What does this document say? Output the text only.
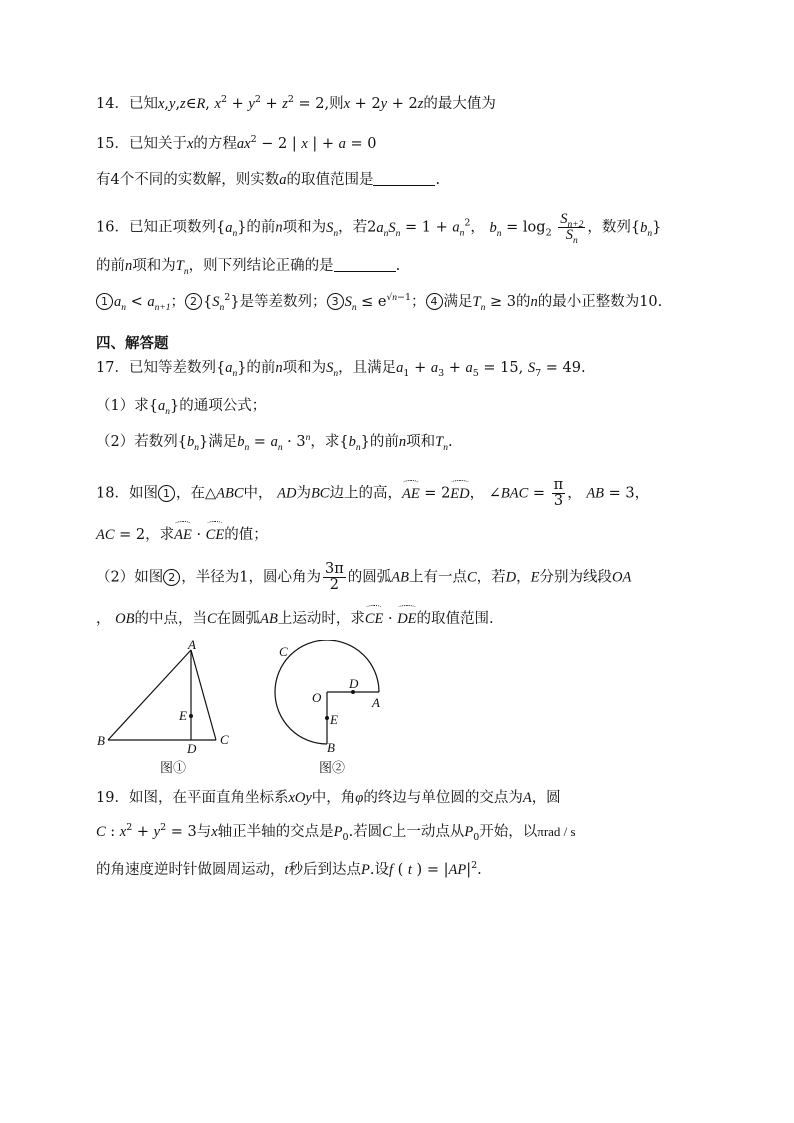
14．已知x,y,z∈R, $x^2 + y^2 + z^2 = 2$,则x + 2y + 2z的最大值为
15．已知关于x的方程$ax^2 - 2$ | x | + a = 0
有4个不同的实数解，则实数a的取值范围是	.
16．已知正项数列$\{a_n\}$的前n项和为$S_n$，若$2a_nS_n = 1 + a_n^2$， $b_n = \log_2 \frac{S_{n+2}}{S_n}$ ，数列$\{b_n\}$
的前n项和为$T_n$，则下列结论正确的是	.
1 $a_n < a_{n+1}$； 2 $\{S_n^2\}$是等差数列； 3 $S_n \le e^{√n-1}$； 4 满足$T_n \ge 3$的n的最小正整数为10.
四、解答题
17．已知等差数列$\{a_n\}$的前n项和为$S_n$，且满足$a_1 + a_3 + a_5 = 15$, $S_7 = 49$.
（1）求$\{a_n\}$的通项公式；
（2）若数列$\{b_n\}$满足$b_n = a_n \cdot 3^n$，求$\{b_n\}$的前n项和$T_n$.
18．如图 1 ，在△ABC中， AD为BC边上的高，AE = 2ED， ∠BAC = $\frac{\pi}{3}$ ， AB = 3，
AC = 2，求AE · CE的值；
（2）如图 2 ，半径为1，圆心角为 $\frac{3\pi}{2}$ 的圆弧AB上有一点C，若D，E分别为线段OA
， OB的中点，当C在圆弧AB上运动时，求CE · DE的取值范围.
A
B	C
D
E
图①
C
O
D
A
E
B
图②
19．如图，在平面直角坐标系xOy中，角φ的终边与单位圆的交点为A，圆
C : $x^2 + y^2 = 3$与x轴正半轴的交点是$P_0$.若圆C上一动点从$P_0$开始，以πrad / s
的角速度逆时针做圆周运动，t秒后到达点P.设f ( t ) = $|AP|^2$.
